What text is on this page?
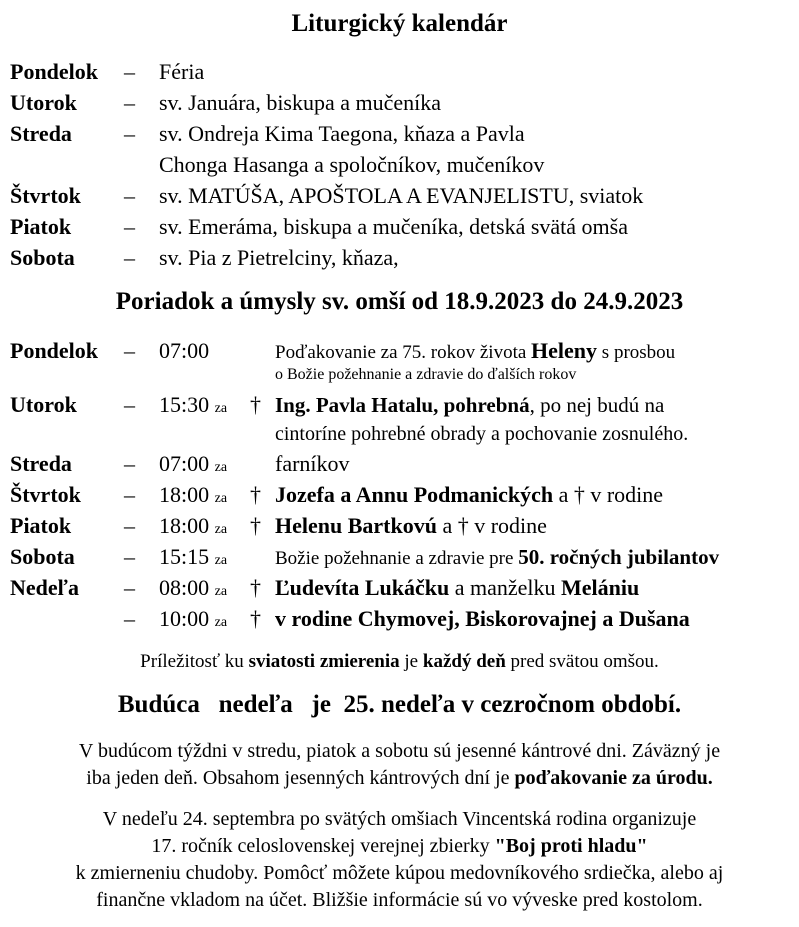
Liturgický kalendár
Pondelok – Féria
Utorok – sv. Januára, biskupa a mučeníka
Streda – sv. Ondreja Kima Taegona, kňaza a Pavla
Chonga Hasanga a spoločníkov, mučeníkov
Štvrtok – sv. MATÚŠA, APOŠTOLA A EVANJELISTU, sviatok
Piatok – sv. Emeráma, biskupa a mučeníka, detská svätá omša
Sobota – sv. Pia z Pietrelciny, kňaza,
Poriadok a úmysly sv. omší od 18.9.2023 do 24.9.2023
Pondelok – 07:00	Poďakovanie za 75. rokov života Heleny s prosbou
o Božie požehnanie a zdravie do ďalších rokov
Utorok – 15:30 za † Ing. Pavla Hatalu, pohrebná, po nej budú na
cintoríne pohrebné obrady a pochovanie zosnulého.
Streda – 07:00 za farníkov
Štvrtok – 18:00 za † Jozefa a Annu Podmanických a † v rodine
Piatok – 18:00 za † Helenu Bartkovú a † v rodine
Sobota – 15:15 za	Božie požehnanie a zdravie pre 50. ročných jubilantov
Nedeľa – 08:00 za † Ľudevíta Lukáčku a manželku Melániu
– 10:00 za † v rodine Chymovej, Biskorovajnej a Dušana

Príležitosť ku sviatosti zmierenia je každý deň pred svätou omšou.

Budúca   nedeľa   je  25. nedeľa v cezročnom období.

V budúcom týždni v stredu, piatok a sobotu sú jesenné kántrové dni. Záväzný je
iba jeden deň. Obsahom jesenných kántrových dní je poďakovanie za úrodu.

V nedeľu 24. septembra po svätých omšiach Vincentská rodina organizuje
17. ročník celoslovenskej verejnej zbierky "Boj proti hladu"
k zmierneniu chudoby. Pomôcť môžete kúpou medovníkového srdiečka, alebo aj
finančne vkladom na účet. Bližšie informácie sú vo vývеske pred kostolom.
